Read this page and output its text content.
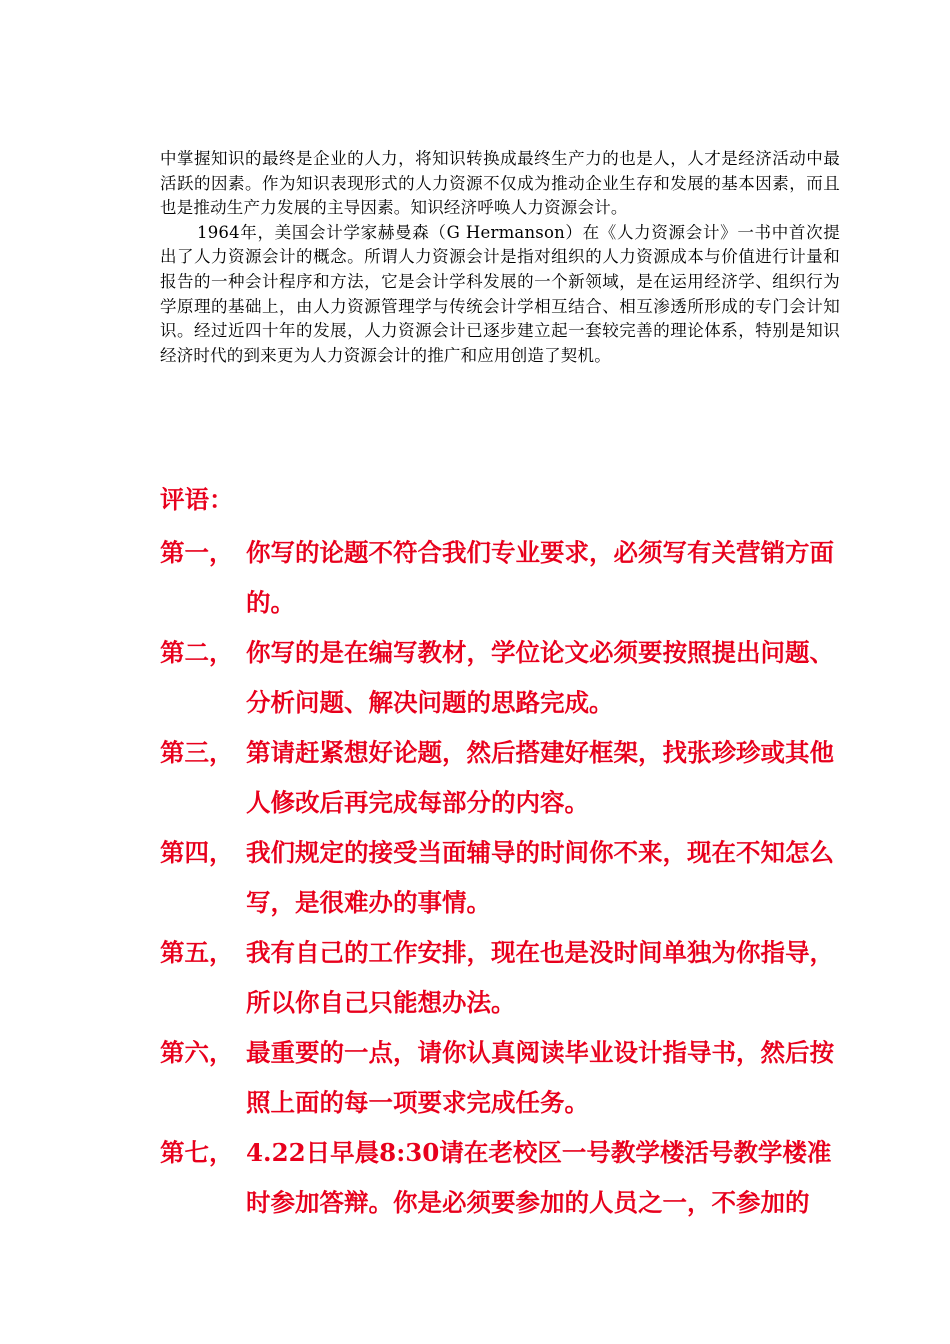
中掌握知识的最终是企业的人力，将知识转换成最终生产力的也是人，人才是经济活动中最活跃的因素。作为知识表现形式的人力资源不仅成为推动企业生存和发展的基本因素，而且也是推动生产力发展的主导因素。知识经济呼唤人力资源会计。

1964年，美国会计学家赫曼森（G Hermanson）在《人力资源会计》一书中首次提出了人力资源会计的概念。所谓人力资源会计是指对组织的人力资源成本与价值进行计量和报告的一种会计程序和方法，它是会计学科发展的一个新领域，是在运用经济学、组织行为学原理的基础上，由人力资源管理学与传统会计学相互结合、相互渗透所形成的专门会计知识。经过近四十年的发展，人力资源会计已逐步建立起一套较完善的理论体系，特别是知识经济时代的到来更为人力资源会计的推广和应用创造了契机。

评语：

第一， 你写的论题不符合我们专业要求，必须写有关营销方面的。
第二， 你写的是在编写教材，学位论文必须要按照提出问题、分析问题、解决问题的思路完成。
第三， 第请赶紧想好论题，然后搭建好框架，找张珍珍或其他人修改后再完成每部分的内容。
第四， 我们规定的接受当面辅导的时间你不来，现在不知怎么写，是很难办的事情。
第五， 我有自己的工作安排，现在也是没时间单独为你指导，所以你自己只能想办法。
第六， 最重要的一点，请你认真阅读毕业设计指导书，然后按照上面的每一项要求完成任务。
第七， 4.22日早晨8:30请在老校区一号教学楼活号教学楼准时参加答辩。你是必须要参加的人员之一，不参加的
